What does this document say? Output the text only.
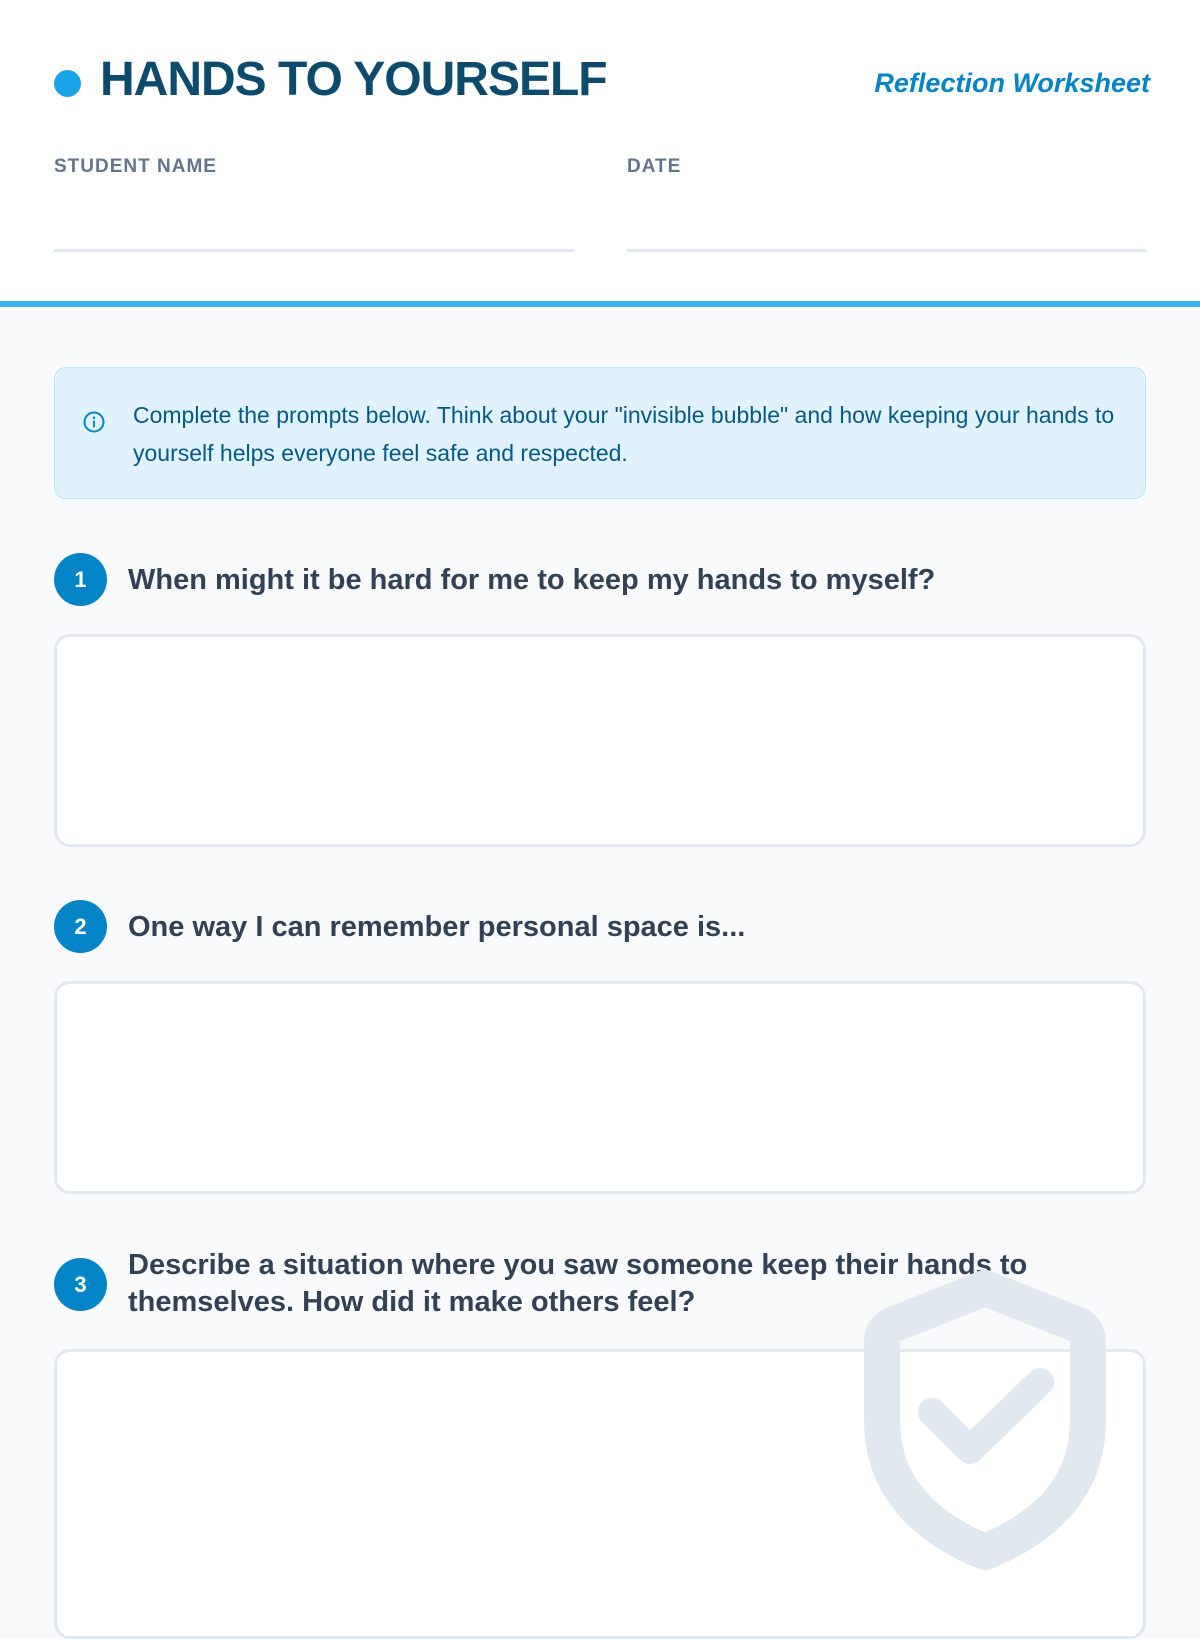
HANDS TO YOURSELF	Reflection Worksheet
STUDENT NAME	DATE
Complete the prompts below. Think about your "invisible bubble" and how keeping your hands to yourself helps everyone feel safe and respected.
1	When might it be hard for me to keep my hands to myself?
2	One way I can remember personal space is...
3
Describe a situation where you saw someone keep their hands to themselves. How did it make others feel?
